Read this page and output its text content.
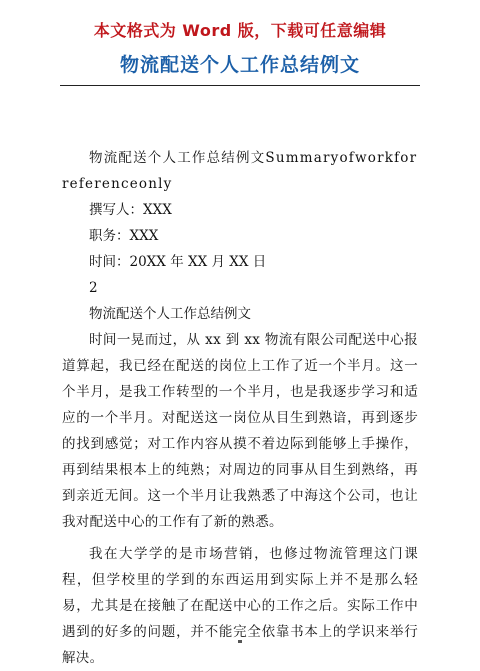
本文格式为 Word 版，下载可任意编辑
物流配送个人工作总结例文

物流配送个人工作总结例文Summaryofworkforreferenceonly

撰写人：XXX

职务：XXX

时间：20XX 年 XX 月 XX 日

2

物流配送个人工作总结例文

时间一晃而过，从 xx 到 xx 物流有限公司配送中心报道算起，我已经在配送的岗位上工作了近一个半月。这一个半月，是我工作转型的一个半月，也是我逐步学习和适应的一个半月。对配送这一岗位从目生到熟谙，再到逐步的找到感觉；对工作内容从摸不着边际到能够上手操作，再到结果根本上的纯熟；对周边的同事从目生到熟络，再到亲近无间。这一个半月让我熟悉了中海这个公司，也让我对配送中心的工作有了新的熟悉。

我在大学学的是市场营销，也修过物流管理这门课程，但学校里的学到的东西运用到实际上并不是那么轻易，尤其是在接触了在配送中心的工作之后。实际工作中遇到的好多的问题，并不能完全依靠书本上的学识来举行解决。
